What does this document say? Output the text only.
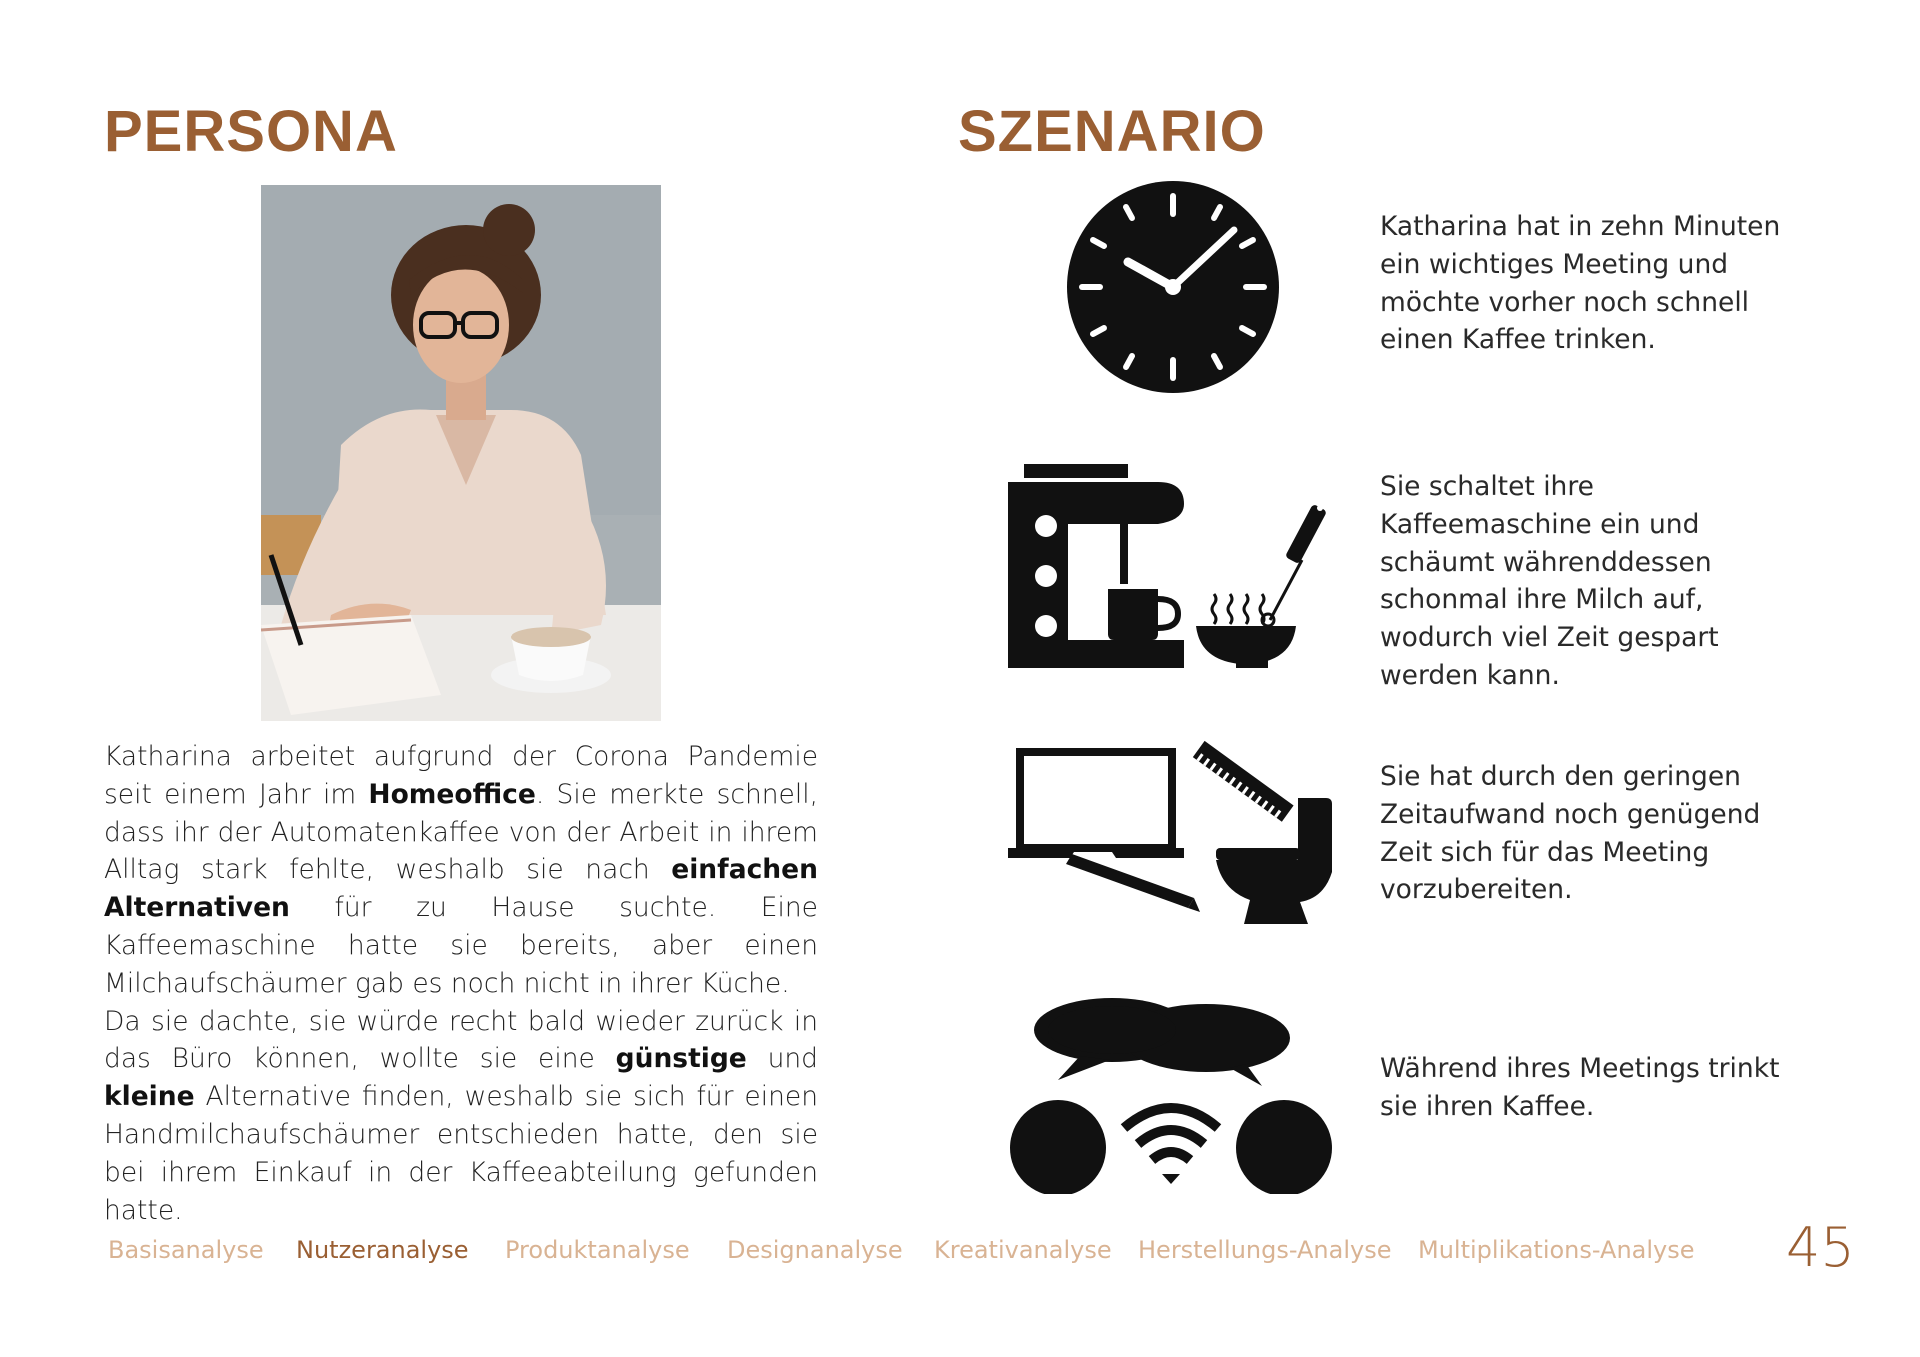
PERSONA	SZENARIO

Katharina arbeitet aufgrund der Corona Pandemie seit einem Jahr im Homeoffice. Sie merkte schnell, dass ihr der Automatenkaffee von der Arbeit in ihrem Alltag stark fehlte, weshalb sie nach einfachen Alternativen für zu Hause suchte. Eine Kaffeemaschine hatte sie bereits, aber einen Milchaufschäumer gab es noch nicht in ihrer Küche.

Da sie dachte, sie würde recht bald wieder zurück in das Büro können, wollte sie eine günstige und kleine Alternative finden, weshalb sie sich für einen Handmilchaufschäumer entschieden hatte, den sie bei ihrem Einkauf in der Kaffeeabteilung gefunden hatte.

Katharina hat in zehn Minuten ein wichtiges Meeting und möchte vorher noch schnell einen Kaffee trinken.

Sie schaltet ihre Kaffeemaschine ein und schäumt währenddessen schonmal ihre Milch auf, wodurch viel Zeit gespart werden kann.

Sie hat durch den geringen Zeitaufwand noch genügend Zeit sich für das Meeting vorzubereiten.

Während ihres Meetings trinkt sie ihren Kaffee.

Basisanalyse Nutzeranalyse Produktanalyse Designanalyse Kreativanalyse Herstellungs-Analyse Multiplikations-Analyse 45
